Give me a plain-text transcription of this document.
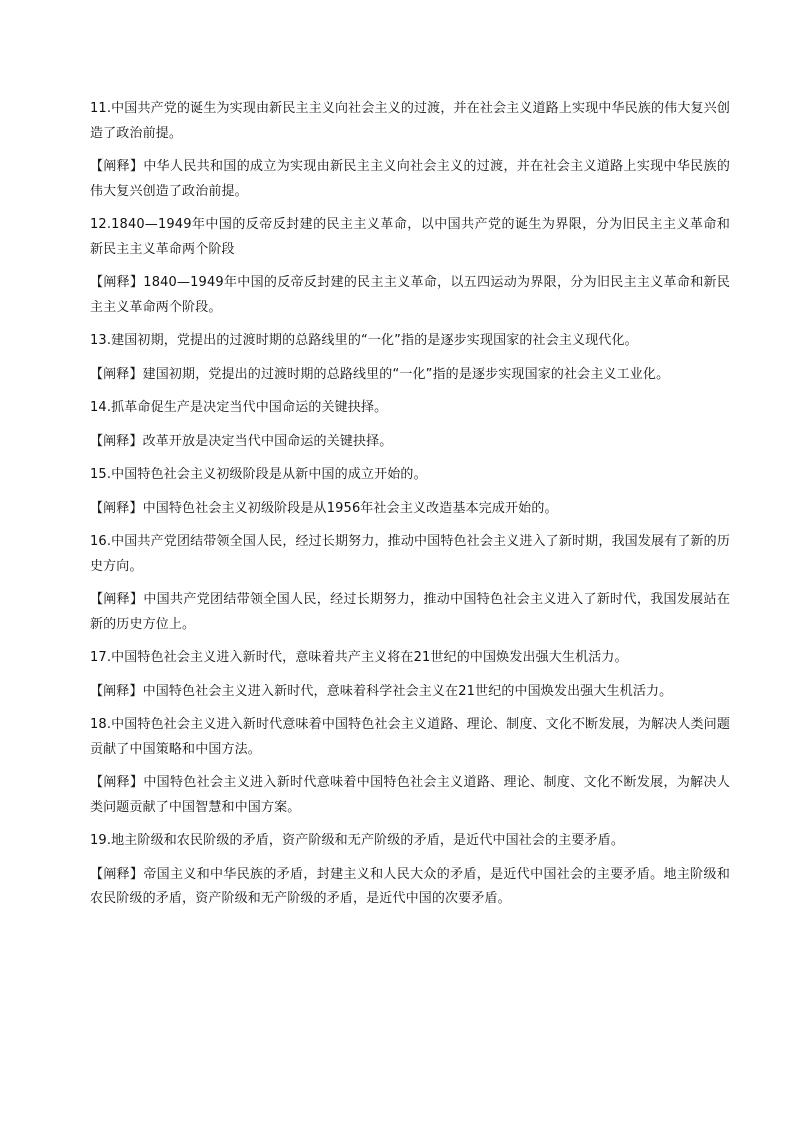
11.中国共产党的诞生为实现由新民主主义向社会主义的过渡，并在社会主义道路上实现中华民族的伟大复兴创造了政治前提。

【阐释】中华人民共和国的成立为实现由新民主主义向社会主义的过渡，并在社会主义道路上实现中华民族的伟大复兴创造了政治前提。

12.1840—1949年中国的反帝反封建的民主主义革命，以中国共产党的诞生为界限，分为旧民主主义革命和新民主主义革命两个阶段

【阐释】1840—1949年中国的反帝反封建的民主主义革命，以五四运动为界限，分为旧民主主义革命和新民主主义革命两个阶段。

13.建国初期，党提出的过渡时期的总路线里的“一化”指的是逐步实现国家的社会主义现代化。

【阐释】建国初期，党提出的过渡时期的总路线里的“一化”指的是逐步实现国家的社会主义工业化。

14.抓革命促生产是决定当代中国命运的关键抉择。

【阐释】改革开放是决定当代中国命运的关键抉择。

15.中国特色社会主义初级阶段是从新中国的成立开始的。

【阐释】中国特色社会主义初级阶段是从1956年社会主义改造基本完成开始的。

16.中国共产党团结带领全国人民，经过长期努力，推动中国特色社会主义进入了新时期，我国发展有了新的历史方向。

【阐释】中国共产党团结带领全国人民，经过长期努力，推动中国特色社会主义进入了新时代，我国发展站在新的历史方位上。

17.中国特色社会主义进入新时代，意味着共产主义将在21世纪的中国焕发出强大生机活力。

【阐释】中国特色社会主义进入新时代，意味着科学社会主义在21世纪的中国焕发出强大生机活力。

18.中国特色社会主义进入新时代意味着中国特色社会主义道路、理论、制度、文化不断发展，为解决人类问题贡献了中国策略和中国方法。

【阐释】中国特色社会主义进入新时代意味着中国特色社会主义道路、理论、制度、文化不断发展，为解决人类问题贡献了中国智慧和中国方案。

19.地主阶级和农民阶级的矛盾，资产阶级和无产阶级的矛盾，是近代中国社会的主要矛盾。

【阐释】帝国主义和中华民族的矛盾，封建主义和人民大众的矛盾，是近代中国社会的主要矛盾。地主阶级和农民阶级的矛盾，资产阶级和无产阶级的矛盾，是近代中国的次要矛盾。
